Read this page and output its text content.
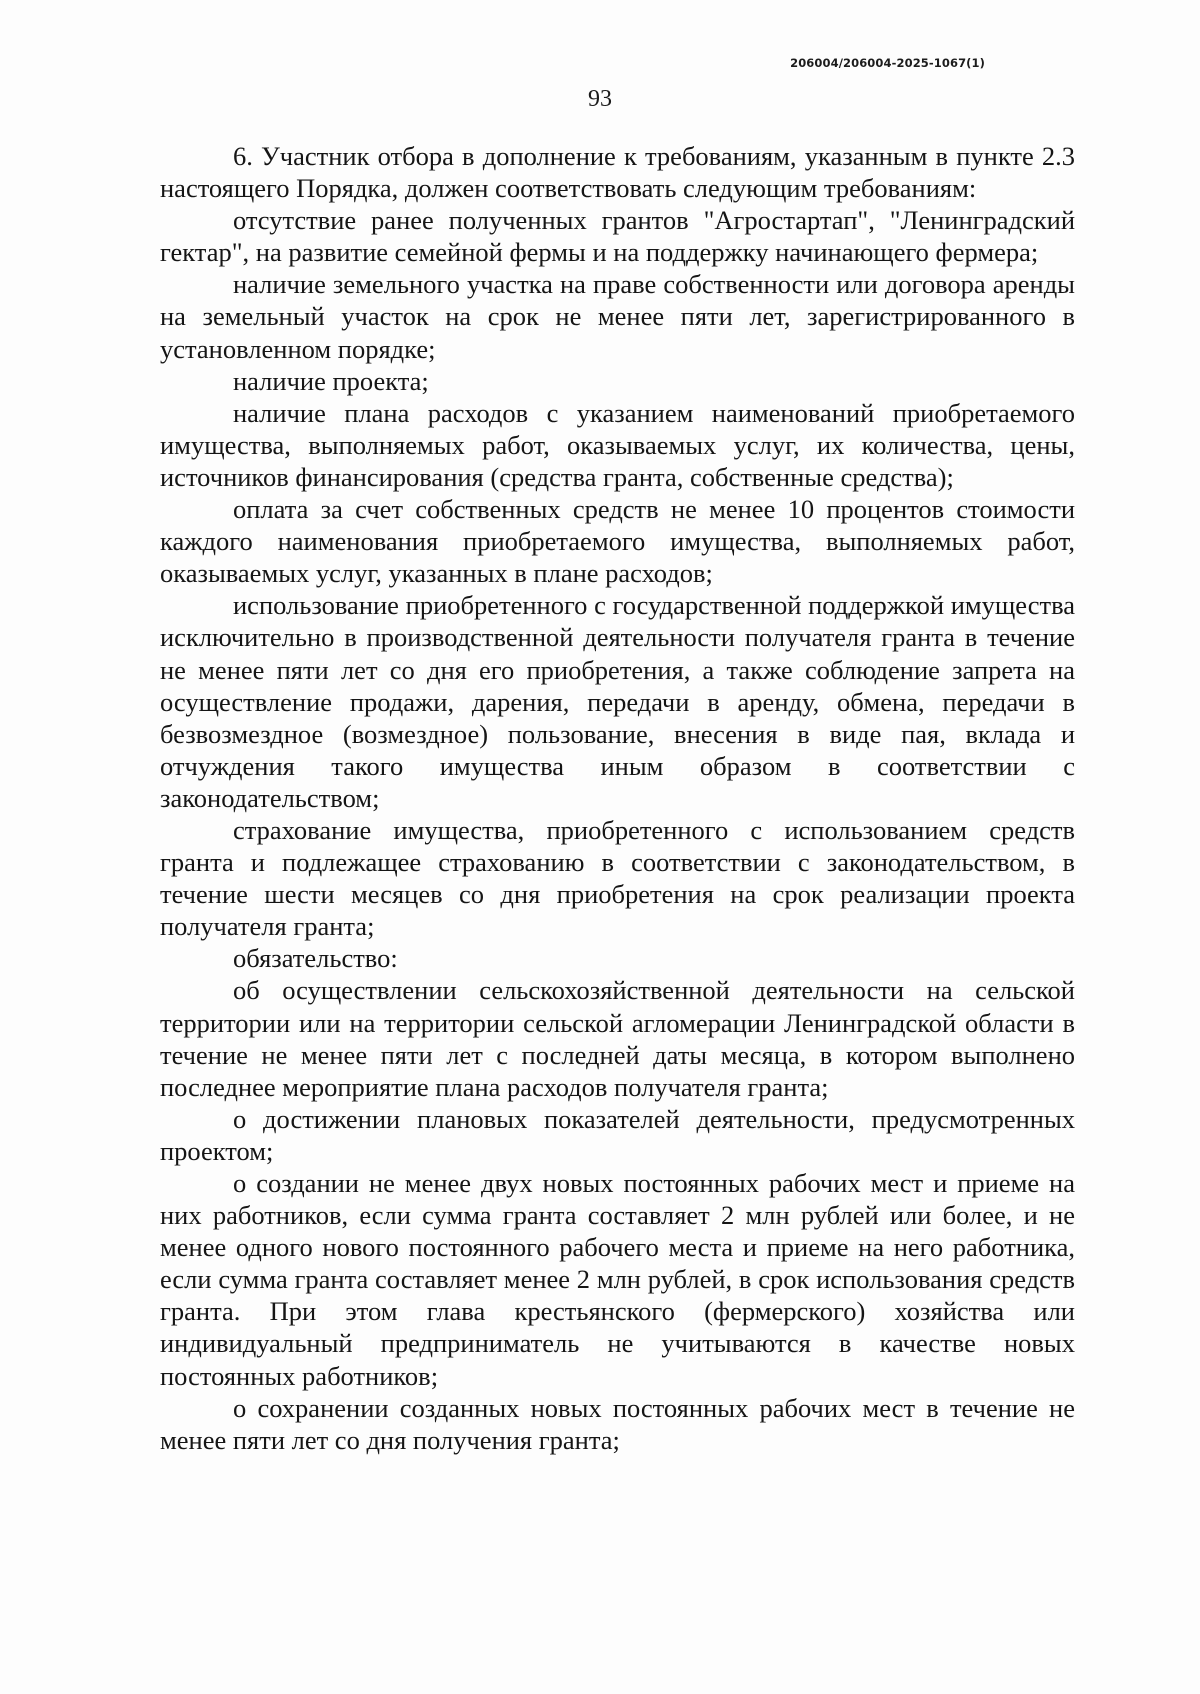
206004/206004-2025-1067(1)
93

6. Участник отбора в дополнение к требованиям, указанным в пункте 2.3 настоящего Порядка, должен соответствовать следующим требованиям:

отсутствие ранее полученных грантов "Агростартап", "Ленинградский гектар", на развитие семейной фермы и на поддержку начинающего фермера;

наличие земельного участка на праве собственности или договора аренды на земельный участок на срок не менее пяти лет, зарегистрированного в установленном порядке;

наличие проекта;

наличие плана расходов с указанием наименований приобретаемого имущества, выполняемых работ, оказываемых услуг, их количества, цены, источников финансирования (средства гранта, собственные средства);

оплата за счет собственных средств не менее 10 процентов стоимости каждого наименования приобретаемого имущества, выполняемых работ, оказываемых услуг, указанных в плане расходов;

использование приобретенного с государственной поддержкой имущества исключительно в производственной деятельности получателя гранта в течение не менее пяти лет со дня его приобретения, а также соблюдение запрета на осуществление продажи, дарения, передачи в аренду, обмена, передачи в безвозмездное (возмездное) пользование, внесения в виде пая, вклада и отчуждения такого имущества иным образом в соответствии с законодательством;

страхование имущества, приобретенного с использованием средств гранта и подлежащее страхованию в соответствии с законодательством, в течение шести месяцев со дня приобретения на срок реализации проекта получателя гранта;

обязательство:

об осуществлении сельскохозяйственной деятельности на сельской территории или на территории сельской агломерации Ленинградской области в течение не менее пяти лет с последней даты месяца, в котором выполнено последнее мероприятие плана расходов получателя гранта;

о достижении плановых показателей деятельности, предусмотренных проектом;

о создании не менее двух новых постоянных рабочих мест и приеме на них работников, если сумма гранта составляет 2 млн рублей или более, и не менее одного нового постоянного рабочего места и приеме на него работника, если сумма гранта составляет менее 2 млн рублей, в срок использования средств гранта. При этом глава крестьянского (фермерского) хозяйства или индивидуальный предприниматель не учитываются в качестве новых постоянных работников;

о сохранении созданных новых постоянных рабочих мест в течение не менее пяти лет со дня получения гранта;
